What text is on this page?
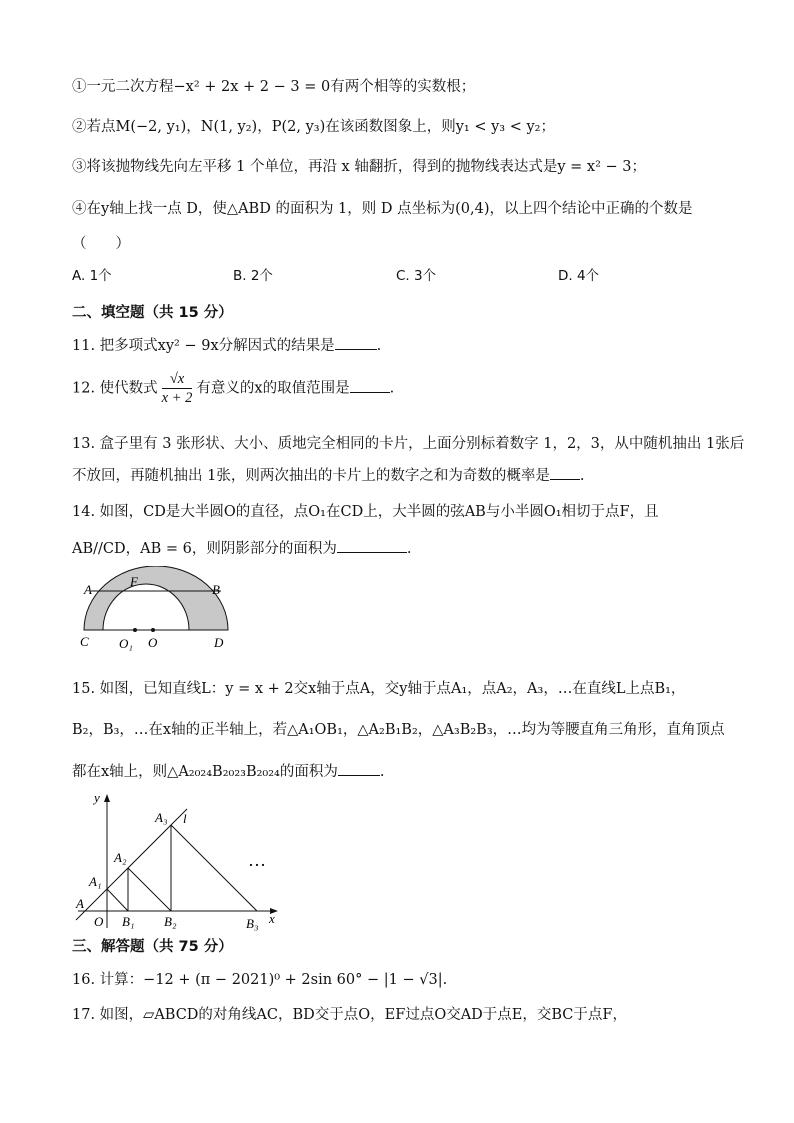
①一元二次方程−x² + 2x + 2 − 3 = 0有两个相等的实数根；
②若点M(−2, y₁)，N(1, y₂)，P(2, y₃)在该函数图象上，则y₁ < y₃ < y₂；
③将该抛物线先向左平移 1 个单位，再沿 x 轴翻折，得到的抛物线表达式是y = x² − 3；
④在y轴上找一点 D，使△ABD 的面积为 1，则 D 点坐标为(0,4)，以上四个结论中正确的个数是
（　　）
A. 1个	B. 2个	C. 3个	D. 4个
二、填空题（共 15 分）
11. 把多项式xy² − 9x分解因式的结果是	.
12. 使代数式 $\frac{√x}{x + 2}$ 有意义的x的取值范围是	.
13. 盒子里有 3 张形状、大小、质地完全相同的卡片，上面分别标着数字 1，2，3，从中随机抽出 1张后
不放回，再随机抽出 1张，则两次抽出的卡片上的数字之和为奇数的概率是 .
14. 如图，CD是大半圆O的直径，点O₁在CD上，大半圆的弦AB与小半圆O₁相切于点F，且
AB//CD，AB = 6，则阴影部分的面积为	.
A
F
B
C O₁ O	D
15. 如图，已知直线L：y = x + 2交x轴于点A，交y轴于点A₁，点A₂，A₃，…在直线L上点B₁，
B₂，B₃，…在x轴的正半轴上，若△A₁OB₁，△A₂B₁B₂，△A₃B₂B₃，…均为等腰直角三角形，直角顶点
都在x轴上，则△A₂₀₂₄B₂₀₂₃B₂₀₂₄的面积为	.
y
x
l
A
A₁
A₂
A₃
O B₁ B₂	B₃
…
三、解答题（共 75 分）
16. 计算：−12 + (π − 2021)⁰ + 2sin 60° − |1 − √3|.
17. 如图，▱ABCD的对角线AC，BD交于点O，EF过点O交AD于点E，交BC于点F，
